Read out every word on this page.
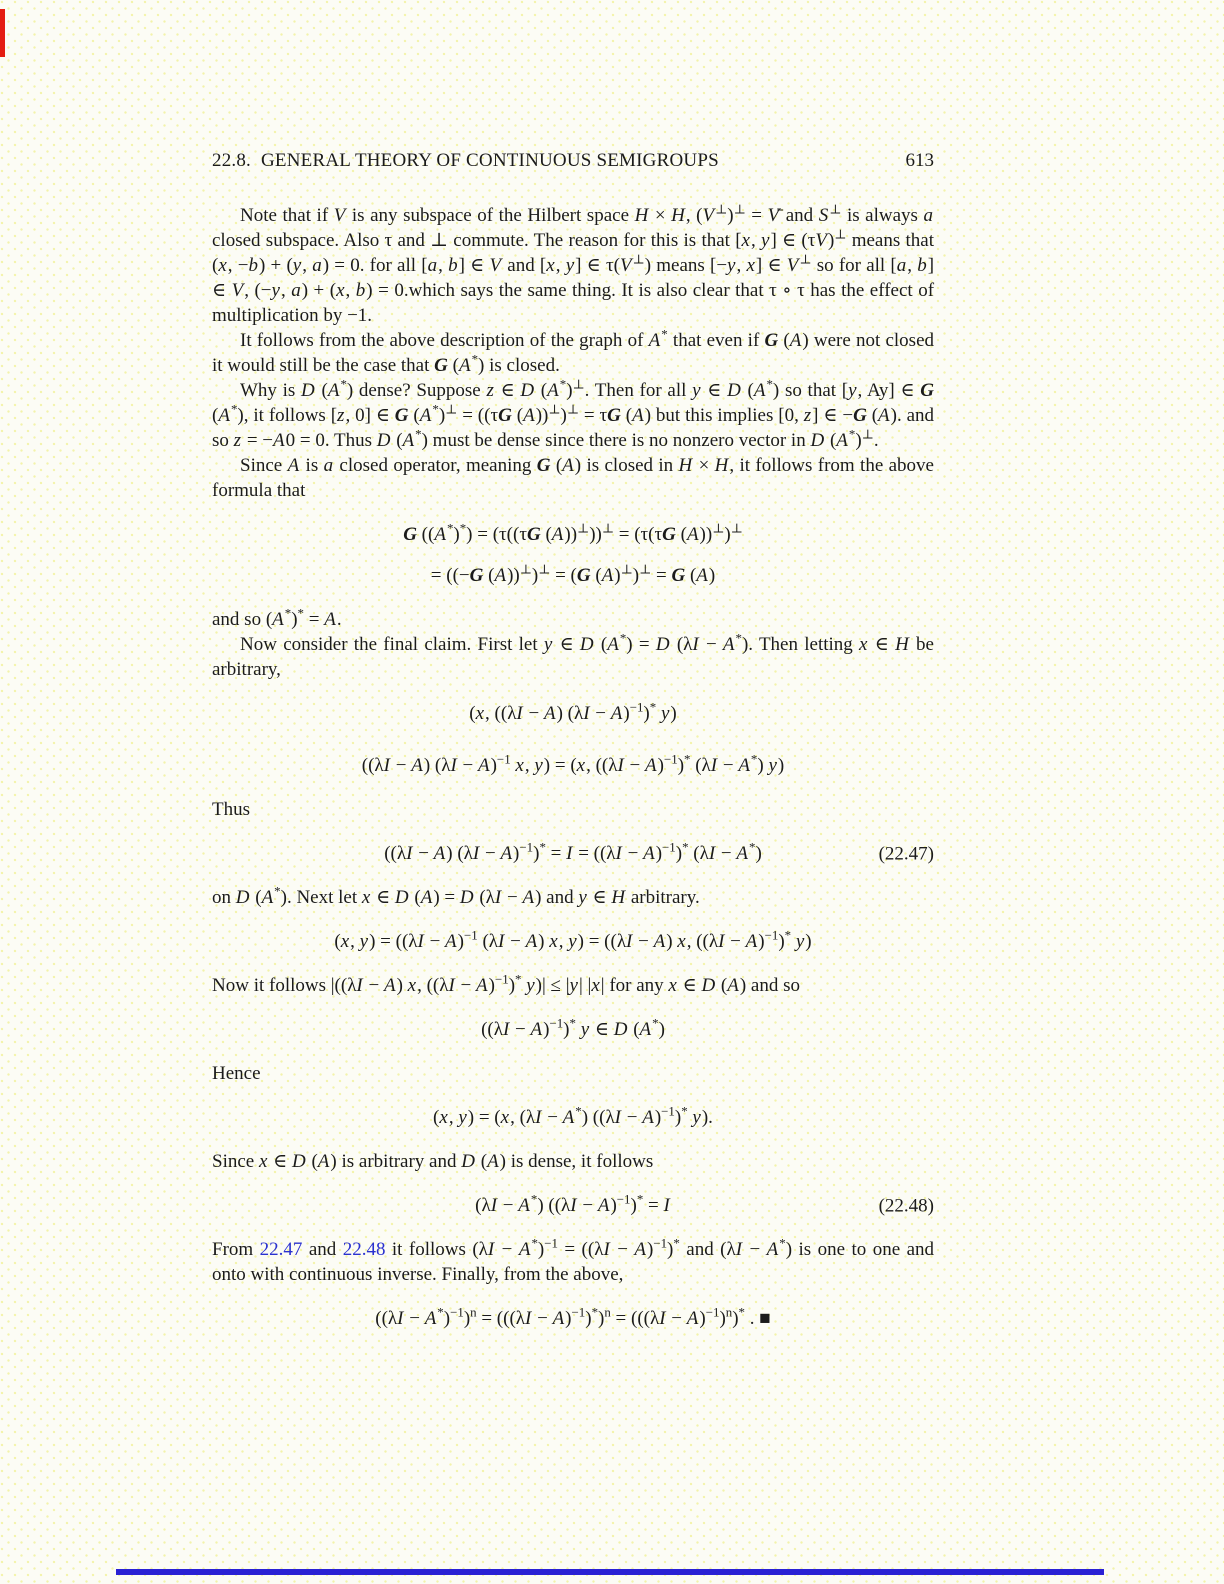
22.8. GENERAL THEORY OF CONTINUOUS SEMIGROUPS	613

Note that if V is any subspace of the Hilbert space H × H, (V⊥)⊥ = V̄ and S⊥ is always a closed subspace. Also τ and ⊥ commute. The reason for this is that [x, y] ∈ (τV)⊥ means that (x, −b) + (y, a) = 0. for all [a, b] ∈ V and [x, y] ∈ τ(V⊥) means [−y, x] ∈ V⊥ so for all [a, b] ∈ V, (−y, a) + (x, b) = 0.which says the same thing. It is also clear that τ ∘ τ has the effect of multiplication by −1.

It follows from the above description of the graph of A* that even if G (A) were not closed it would still be the case that G (A*) is closed.

Why is D (A*) dense? Suppose z ∈ D (A*)⊥. Then for all y ∈ D (A*) so that [y, Ay] ∈ G (A*), it follows [z, 0] ∈ G (A*)⊥ = ((τG (A))⊥)⊥ = τG (A) but this implies [0, z] ∈ −G (A). and so z = −A0 = 0. Thus D (A*) must be dense since there is no nonzero vector in D (A*)⊥.

Since A is a closed operator, meaning G (A) is closed in H × H, it follows from the above formula that

G ((A*)*) = (τ((τG (A))⊥))⊥ = (τ(τG (A))⊥)⊥
= ((−G (A))⊥)⊥ = (G (A)⊥)⊥ = G (A)

and so (A*)* = A.

Now consider the final claim. First let y ∈ D (A*) = D (λI − A*). Then letting x ∈ H be arbitrary,

(x, ((λI − A) $(\lambda I - A)^{-1})^*$ y)
((λI − A) $(\lambda I - A)^{-1}$ x, y) = (x, $((\lambda I - A)^{-1})^*$ (λI − A*) y)

Thus

((λI − A) $(\lambda I - A)^{-1})^* = I = ((\lambda I - A)^{-1})^*$ (λI − A*)	(22.47)

on D (A*). Next let x ∈ D (A) = D (λI − A) and y ∈ H arbitrary.

(x, $y) = ((\lambda I - A)^{-1}$ (λI − A) x, y) = ((λI − A) x, $((\lambda I - A)^{-1})^*$ y)

Now it follows |((λI − A) x, $((\lambda I - A)^{-1})^*$ y)| ≤ |y| |x| for any x ∈ D (A) and so

$((\lambda I - A)^{-1})^*$ y ∈ D (A*)

Hence

(x, y) = (x, (λI − A*) $((\lambda I - A)^{-1})^*$ y).

Since x ∈ D (A) is arbitrary and D (A) is dense, it follows

(λI − A*) $((\lambda I - A)^{-1})^* = I$	(22.48)

From 22.47 and 22.48 it follows $(\lambda I - A^*)^{-1} = ((\lambda I - A)^{-1})^*$ and (λI − A*) is one to one and onto with continuous inverse. Finally, from the above,

$((\lambda I - A^*)^{-1})^n = (((\lambda I - A)^{-1})^*)^n = (((\lambda I - A)^{-1})^n)^*$ . ■
